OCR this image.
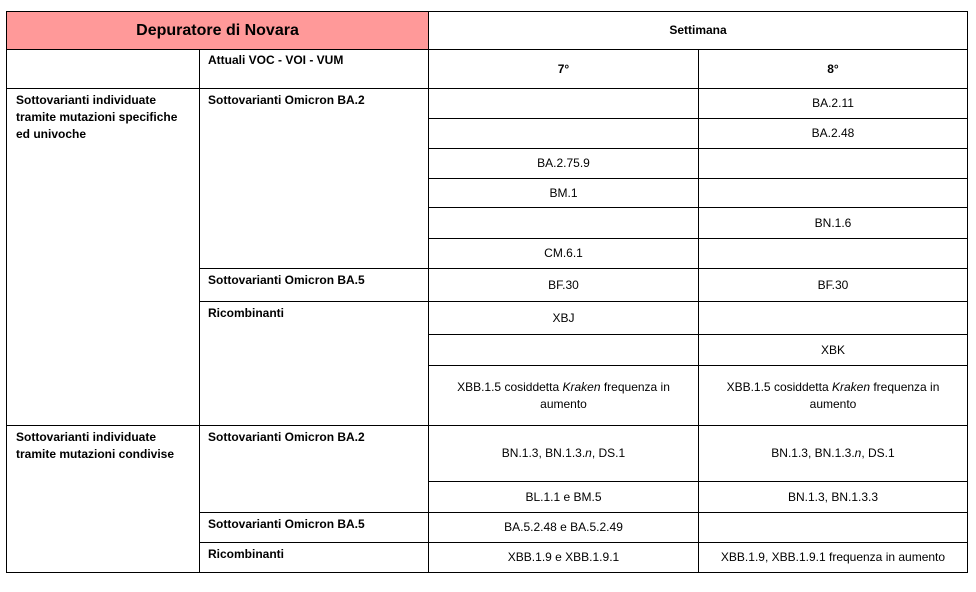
Depuratore di Novara		Settimana	
	Attuali VOC - VOI - VUM	7°	8°
Sottovarianti individuate tramite mutazioni specifiche ed univoche	Sottovarianti Omicron BA.2		BA.2.11
			BA.2.48
		BA.2.75.9	
		BM.1	
			BN.1.6
		CM.6.1	
	Sottovarianti Omicron BA.5	BF.30	BF.30
	Ricombinanti	XBJ	
			XBK
		XBB.1.5 cosiddetta Kraken frequenza in aumento	XBB.1.5 cosiddetta Kraken frequenza in aumento
Sottovarianti individuate tramite mutazioni condivise	Sottovarianti Omicron BA.2	BN.1.3, BN.1.3.n, DS.1	BN.1.3, BN.1.3.n, DS.1
		BL.1.1 e BM.5	BN.1.3, BN.1.3.3
	Sottovarianti Omicron BA.5	BA.5.2.48 e BA.5.2.49	
	Ricombinanti	XBB.1.9 e XBB.1.9.1	XBB.1.9, XBB.1.9.1 frequenza in aumento
